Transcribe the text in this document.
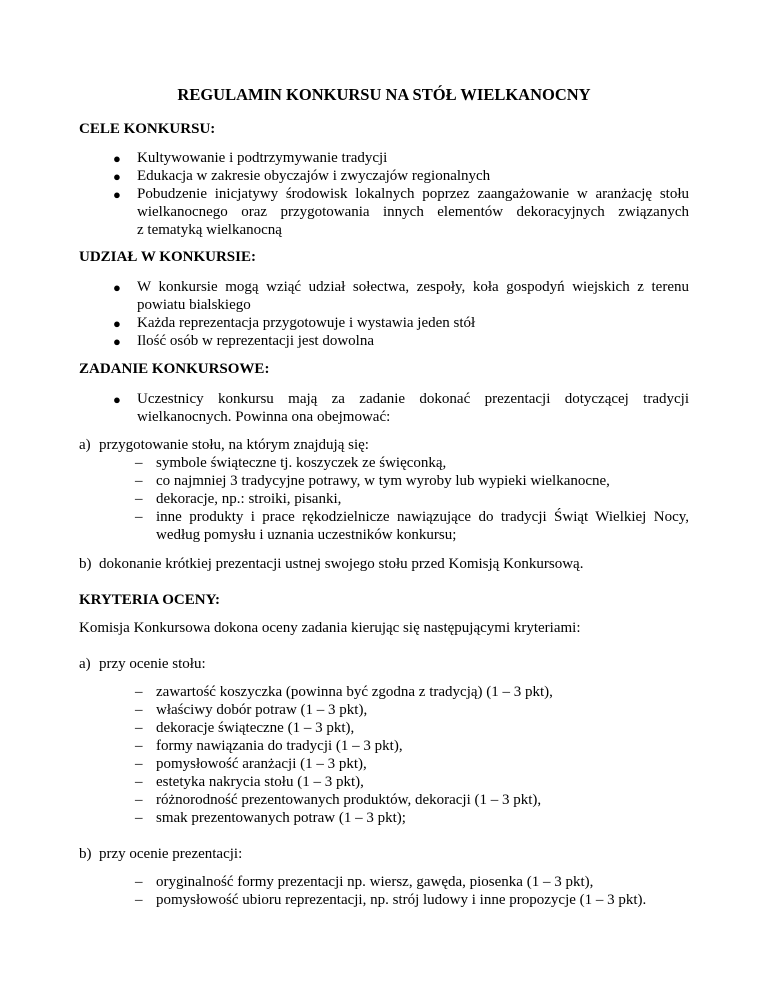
REGULAMIN KONKURSU NA STÓŁ WIELKANOCNY
CELE KONKURSU:
● Kultywowanie i podtrzymywanie tradycji
● Edukacja w zakresie obyczajów i zwyczajów regionalnych
● Pobudzenie inicjatywy środowisk lokalnych poprzez zaangażowanie w aranżację stołu
wielkanocnego oraz przygotowania innych elementów dekoracyjnych związanych
z tematyką wielkanocną
UDZIAŁ W KONKURSIE:
● W konkursie mogą wziąć udział sołectwa, zespoły, koła gospodyń wiejskich z terenu
powiatu bialskiego
● Każda reprezentacja przygotowuje i wystawia jeden stół
● Ilość osób w reprezentacji jest dowolna
ZADANIE KONKURSOWE:
● Uczestnicy konkursu mają za zadanie dokonać prezentacji dotyczącej tradycji
wielkanocnych. Powinna ona obejmować:
a) przygotowanie stołu, na którym znajdują się:
– symbole świąteczne tj. koszyczek ze święconką,
– co najmniej 3 tradycyjne potrawy, w tym wyroby lub wypieki wielkanocne,
– dekoracje, np.: stroiki, pisanki,
– inne produkty i prace rękodzielnicze nawiązujące do tradycji Świąt Wielkiej Nocy,
według pomysłu i uznania uczestników konkursu;
b) dokonanie krótkiej prezentacji ustnej swojego stołu przed Komisją Konkursową.
KRYTERIA OCENY:
Komisja Konkursowa dokona oceny zadania kierując się następującymi kryteriami:
a) przy ocenie stołu:
– zawartość koszyczka (powinna być zgodna z tradycją) (1 – 3 pkt),
– właściwy dobór potraw (1 – 3 pkt),
– dekoracje świąteczne (1 – 3 pkt),
– formy nawiązania do tradycji (1 – 3 pkt),
– pomysłowość aranżacji (1 – 3 pkt),
– estetyka nakrycia stołu (1 – 3 pkt),
– różnorodność prezentowanych produktów, dekoracji (1 – 3 pkt),
– smak prezentowanych potraw (1 – 3 pkt);
b) przy ocenie prezentacji:
– oryginalność formy prezentacji np. wiersz, gawęda, piosenka (1 – 3 pkt),
– pomysłowość ubioru reprezentacji, np. strój ludowy i inne propozycje (1 – 3 pkt).
